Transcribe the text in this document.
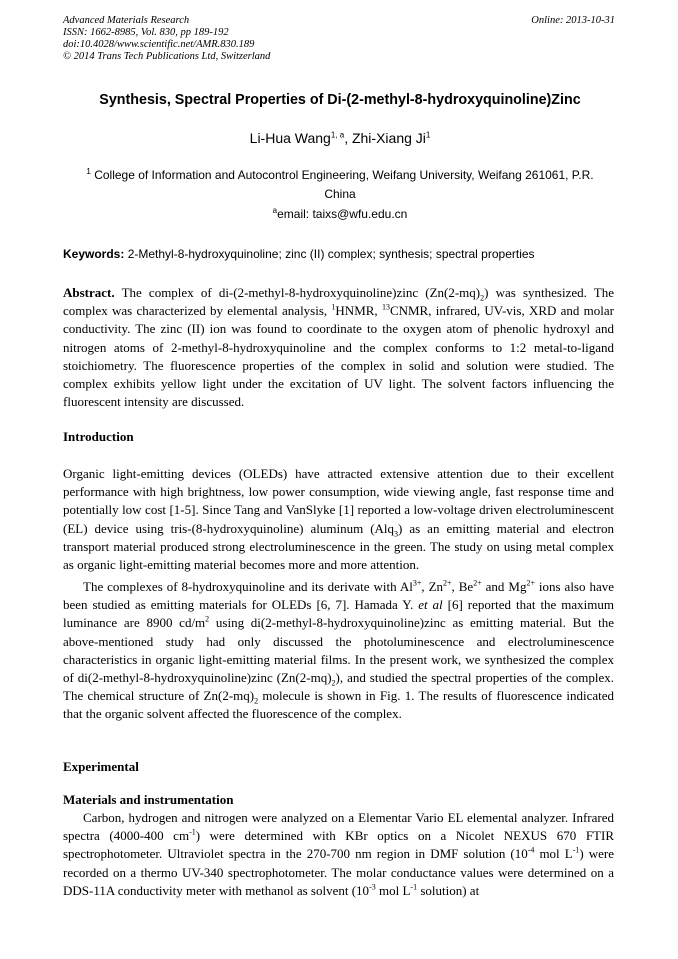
Advanced Materials Research
ISSN: 1662-8985, Vol. 830, pp 189-192
doi:10.4028/www.scientific.net/AMR.830.189
© 2014 Trans Tech Publications Ltd, Switzerland
Online: 2013-10-31
Synthesis, Spectral Properties of Di-(2-methyl-8-hydroxyquinoline)Zinc
Li-Hua Wang$^{1, a}$, Zhi-Xiang Ji$^1$
$^1$ College of Information and Autocontrol Engineering, Weifang University, Weifang 261061, P.R. China
$^a$email: taixs@wfu.edu.cn
Keywords: 2-Methyl-8-hydroxyquinoline; zinc (II) complex; synthesis; spectral properties
Abstract. The complex of di-(2-methyl-8-hydroxyquinoline)zinc $(Zn(2-mq)_2)$ was synthesized. The complex was characterized by elemental analysis, $^1$HNMR, $^{13}$CNMR, infrared, UV-vis, XRD and molar conductivity. The zinc (II) ion was found to coordinate to the oxygen atom of phenolic hydroxyl and nitrogen atoms of 2-methyl-8-hydroxyquinoline and the complex conforms to 1:2 metal-to-ligand stoichiometry. The fluorescence properties of the complex in solid and solution were studied. The complex exhibits yellow light under the excitation of UV light. The solvent factors influencing the fluorescent intensity are discussed.
Introduction
Organic light-emitting devices (OLEDs) have attracted extensive attention due to their excellent performance with high brightness, low power consumption, wide viewing angle, fast response time and potentially low cost [1-5]. Since Tang and VanSlyke [1] reported a low-voltage driven electroluminescent (EL) device using tris-(8-hydroxyquinoline) aluminum (Alq$_3$) as an emitting material and electron transport material produced strong electroluminescence in the green. The study on using metal complex as organic light-emitting material becomes more and more attention.
The complexes of 8-hydroxyquinoline and its derivate with $Al^{3+}$, $Zn^{2+}$, $Be^{2+}$ and $Mg^{2+}$ ions also have been studied as emitting materials for OLEDs [6, 7]. Hamada Y. et al [6] reported that the maximum luminance are 8900 $cd/m^2$ using di(2-methyl-8-hydroxyquinoline)zinc as emitting material. But the above-mentioned study had only discussed the photoluminescence and electroluminescence characteristics in organic light-emitting material films. In the present work, we synthesized the complex of di(2-methyl-8-hydroxyquinoline)zinc $(Zn(2-mq)_2)$, and studied the spectral properties of the complex. The chemical structure of $Zn(2-mq)_2$ molecule is shown in Fig. 1. The results of fluorescence indicated that the organic solvent affected the fluorescence of the complex.
Experimental
Materials and instrumentation
Carbon, hydrogen and nitrogen were analyzed on a Elementar Vario EL elemental analyzer. Infrared spectra (4000-400 $cm^{-1}$) were determined with KBr optics on a Nicolet NEXUS 670 FTIR spectrophotometer. Ultraviolet spectra in the 270-700 nm region in DMF solution ($10^{-4}$ mol $L^{-1}$) were recorded on a thermo UV-340 spectrophotometer. The molar conductance values were determined on a DDS-11A conductivity meter with methanol as solvent ($10^{-3}$ mol $L^{-1}$ solution) at
